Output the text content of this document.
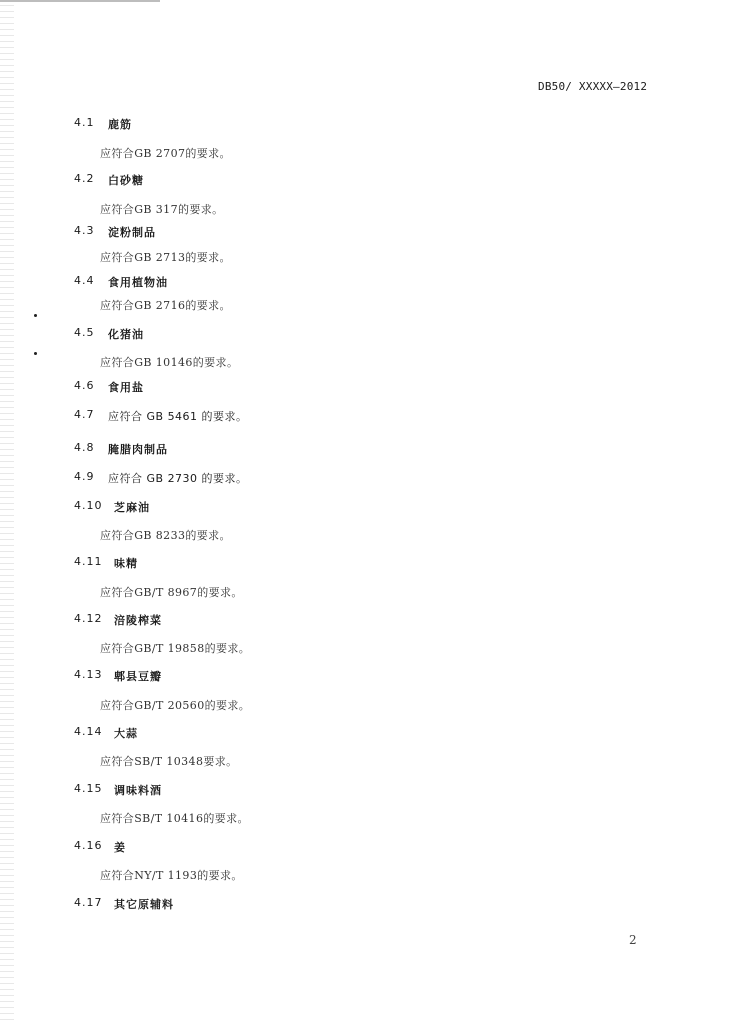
DB50/ XXXXX—2012
4.1 鹿筋
应符合GB 2707的要求。
4.2 白砂糖
应符合GB 317的要求。
4.3 淀粉制品
应符合GB 2713的要求。
4.4 食用植物油
应符合GB 2716的要求。
4.5 化猪油
应符合GB 10146的要求。
4.6 食用盐
4.7 应符合 GB 5461 的要求。
4.8 腌腊肉制品
4.9 应符合 GB 2730 的要求。
4.10 芝麻油
应符合GB 8233的要求。
4.11 味精
应符合GB/T 8967的要求。
4.12 涪陵榨菜
应符合GB/T 19858的要求。
4.13 郫县豆瓣
应符合GB/T 20560的要求。
4.14 大蒜
应符合SB/T 10348要求。
4.15 调味料酒
应符合SB/T 10416的要求。
4.16 姜
应符合NY/T 1193的要求。
4.17 其它原辅料
2
